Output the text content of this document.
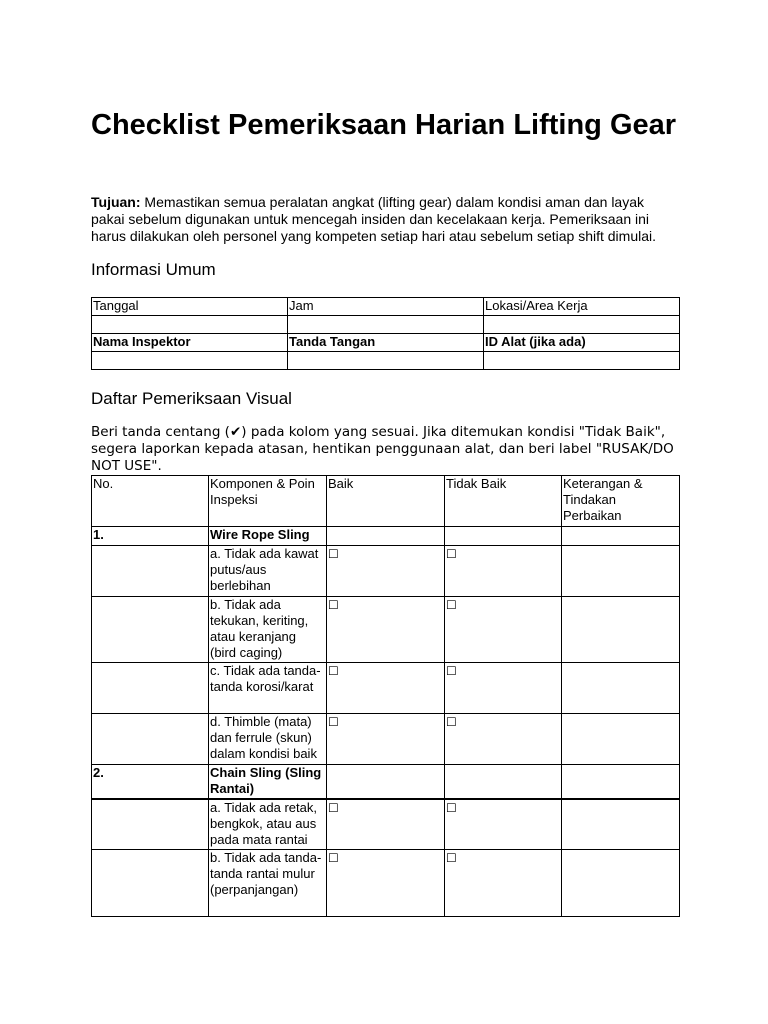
Checklist Pemeriksaan Harian Lifting Gear

Tujuan: Memastikan semua peralatan angkat (lifting gear) dalam kondisi aman dan layak pakai sebelum digunakan untuk mencegah insiden dan kecelakaan kerja. Pemeriksaan ini harus dilakukan oleh personel yang kompeten setiap hari atau sebelum setiap shift dimulai.

Informasi Umum
Tanggal	Jam	Lokasi/Area Kerja

Nama Inspektor	Tanda Tangan	ID Alat (jika ada)

Daftar Pemeriksaan Visual

Beri tanda centang (✔) pada kolom yang sesuai. Jika ditemukan kondisi "Tidak Baik", segera laporkan kepada atasan, hentikan penggunaan alat, dan beri label "RUSAK/DO NOT USE".

No.	Komponen & Poin Inspeksi	Baik	Tidak Baik	Keterangan & Tindakan Perbaikan
1.	Wire Rope Sling			
	a. Tidak ada kawat putus/aus berlebihan	☐	☐	
	b. Tidak ada tekukan, keriting, atau keranjang (bird caging)	☐	☐	
	c. Tidak ada tanda-tanda korosi/karat	☐	☐	
	d. Thimble (mata) dan ferrule (skun) dalam kondisi baik	☐	☐	
2.	Chain Sling (Sling Rantai)			
	a. Tidak ada retak, bengkok, atau aus pada mata rantai	☐	☐	
	b. Tidak ada tanda-tanda rantai mulur (perpanjangan)	☐	☐	
